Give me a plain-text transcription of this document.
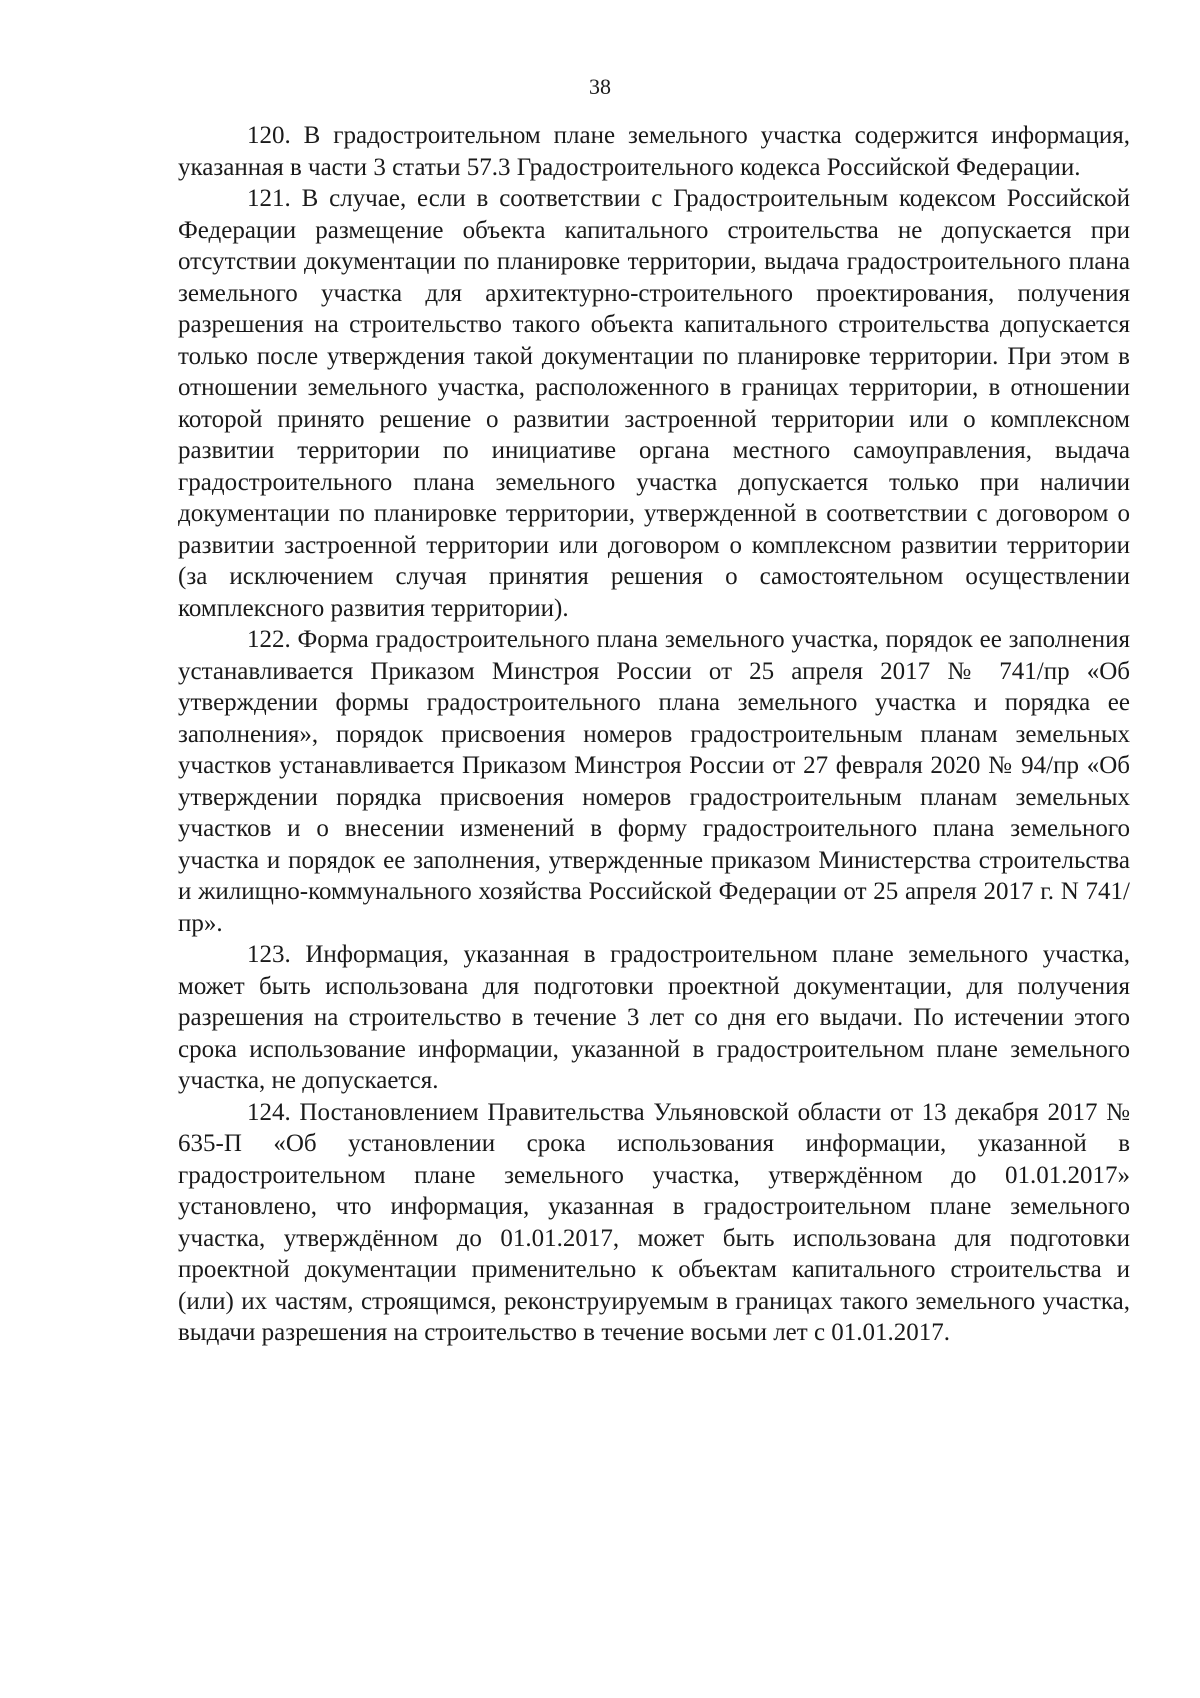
38

120. В градостроительном плане земельного участка содержится информация, указанная в части 3 статьи 57.3 Градостроительного кодекса Российской Федерации.

121. В случае, если в соответствии с Градостроительным кодексом Российской Федерации размещение объекта капитального строительства не допускается при отсутствии документации по планировке территории, выдача градостроительного плана земельного участка для архитектурно-строительного проектирования, получения разрешения на строительство такого объекта капитального строительства допускается только после утверждения такой документации по планировке территории. При этом в отношении земельного участка, расположенного в границах территории, в отношении которой принято решение о развитии застроенной территории или о комплексном развитии территории по инициативе органа местного самоуправления, выдача градостроительного плана земельного участка допускается только при наличии документации по планировке территории, утвержденной в соответствии с договором о развитии застроенной территории или договором о комплексном развитии территории (за исключением случая принятия решения о самостоятельном осуществлении комплексного развития территории).

122. Форма градостроительного плана земельного участка, порядок ее заполнения устанавливается Приказом Минстроя России от 25 апреля 2017 № 741/пр «Об утверждении формы градостроительного плана земельного участка и порядка ее заполнения», порядок присвоения номеров градостроительным планам земельных участков устанавливается Приказом Минстроя России от 27 февраля 2020 № 94/пр «Об утверждении порядка присвоения номеров градостроительным планам земельных участков и о внесении изменений в форму градостроительного плана земельного участка и порядок ее заполнения, утвержденные приказом Министерства строительства и жилищно-коммунального хозяйства Российской Федерации от 25 апреля 2017 г. N 741/пр».

123. Информация, указанная в градостроительном плане земельного участка, может быть использована для подготовки проектной документации, для получения разрешения на строительство в течение 3 лет со дня его выдачи. По истечении этого срока использование информации, указанной в градостроительном плане земельного участка, не допускается.

124. Постановлением Правительства Ульяновской области от 13 декабря 2017 № 635-П «Об установлении срока использования информации, указанной в градостроительном плане земельного участка, утверждённом до 01.01.2017» установлено, что информация, указанная в градостроительном плане земельного участка, утверждённом до 01.01.2017, может быть использована для подготовки проектной документации применительно к объектам капитального строительства и (или) их частям, строящимся, реконструируемым в границах такого земельного участка, выдачи разрешения на строительство в течение восьми лет с 01.01.2017.
